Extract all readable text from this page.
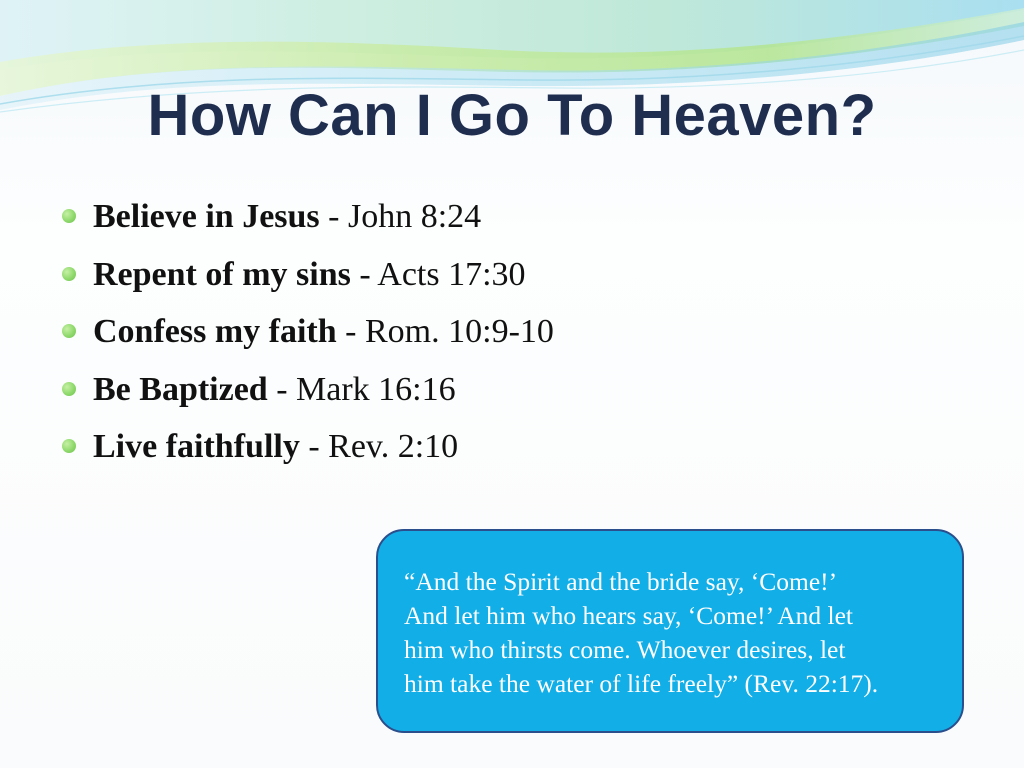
How Can I Go To Heaven?
Believe in Jesus - John 8:24
Repent of my sins - Acts 17:30
Confess my faith - Rom. 10:9-10
Be Baptized - Mark 16:16
Live faithfully - Rev. 2:10

“And the Spirit and the bride say, ‘Come!’
And let him who hears say, ‘Come!’ And let
him who thirsts come. Whoever desires, let
him take the water of life freely” (Rev. 22:17).
